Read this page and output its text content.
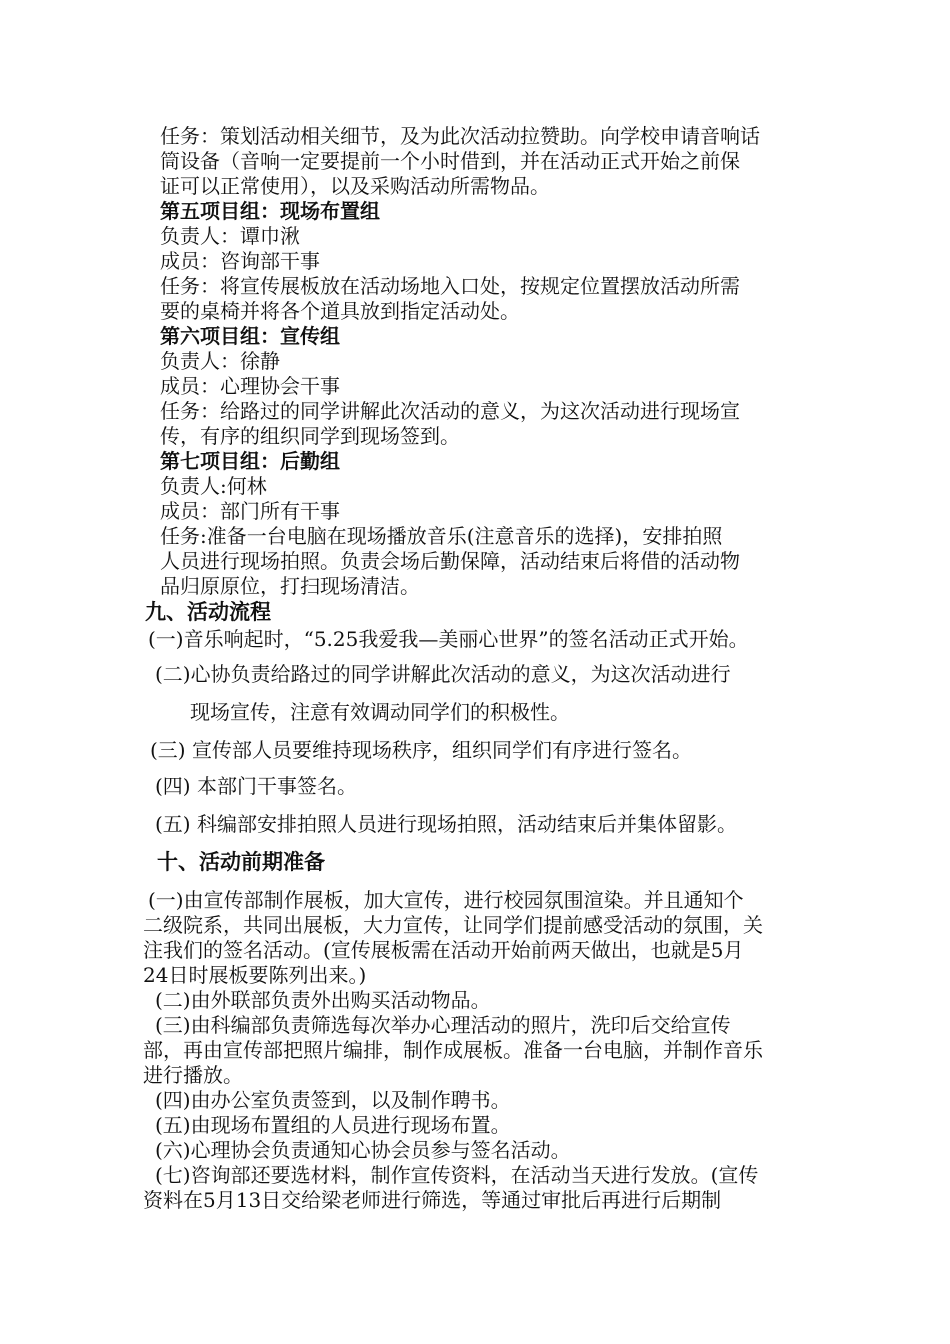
任务：策划活动相关细节，及为此次活动拉赞助。向学校申请音响话
筒设备（音响一定要提前一个小时借到，并在活动正式开始之前保
证可以正常使用），以及采购活动所需物品。
第五项目组：现场布置组
负责人：谭巾湫
成员：咨询部干事
任务：将宣传展板放在活动场地入口处，按规定位置摆放活动所需
要的桌椅并将各个道具放到指定活动处。
第六项目组：宣传组
负责人：徐静
成员：心理协会干事
任务：给路过的同学讲解此次活动的意义，为这次活动进行现场宣
传，有序的组织同学到现场签到。
第七项目组：后勤组
负责人:何林
成员：部门所有干事
任务:准备一台电脑在现场播放音乐(注意音乐的选择)，安排拍照
人员进行现场拍照。负责会场后勤保障，活动结束后将借的活动物
品归原原位，打扫现场清洁。
九、活动流程
(一)音乐响起时，“5.25我爱我—美丽心世界”的签名活动正式开始。
(二)心协负责给路过的同学讲解此次活动的意义，为这次活动进行
现场宣传，注意有效调动同学们的积极性。
(三) 宣传部人员要维持现场秩序，组织同学们有序进行签名。
(四) 本部门干事签名。
(五) 科编部安排拍照人员进行现场拍照，活动结束后并集体留影。
十、活动前期准备
(一)由宣传部制作展板，加大宣传，进行校园氛围渲染。并且通知个
二级院系，共同出展板，大力宣传，让同学们提前感受活动的氛围，关
注我们的签名活动。(宣传展板需在活动开始前两天做出，也就是5月
24日时展板要陈列出来。)
(二)由外联部负责外出购买活动物品。
(三)由科编部负责筛选每次举办心理活动的照片，洗印后交给宣传
部，再由宣传部把照片编排，制作成展板。准备一台电脑，并制作音乐
进行播放。
(四)由办公室负责签到，以及制作聘书。
(五)由现场布置组的人员进行现场布置。
(六)心理协会负责通知心协会员参与签名活动。
(七)咨询部还要选材料，制作宣传资料，在活动当天进行发放。(宣传
资料在5月13日交给梁老师进行筛选，等通过审批后再进行后期制
